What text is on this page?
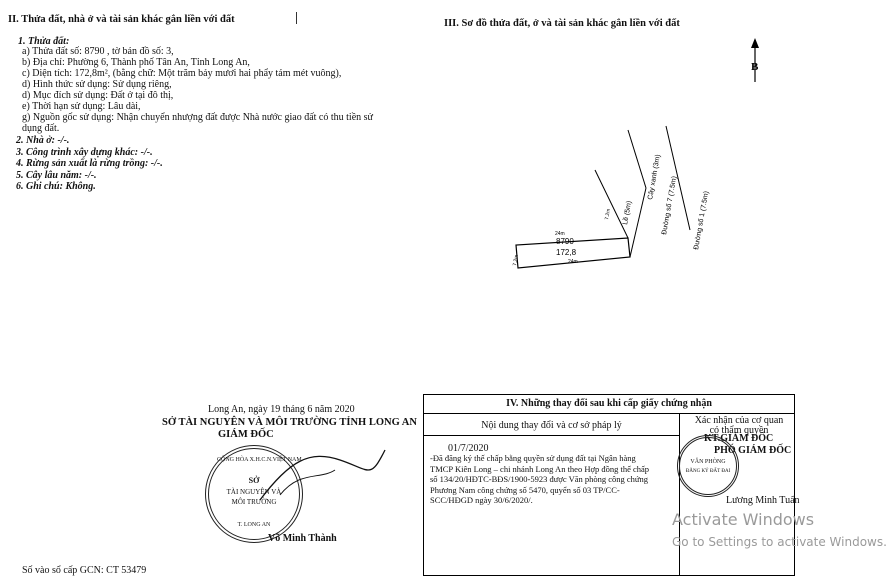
II. Thửa đất, nhà ở và tài sản khác gắn liền với đất
1. Thửa đất:
a) Thửa đất số: 8790 , tờ bản đồ số: 3,
b) Địa chỉ: Phường 6, Thành phố Tân An, Tỉnh Long An,
c) Diện tích: 172,8m², (bằng chữ: Một trăm bảy mươi hai phẩy tám mét vuông),
d) Hình thức sử dụng: Sử dụng riêng,
d) Mục đích sử dụng: Đất ở tại đô thị,
e) Thời hạn sử dụng: Lâu dài,
g) Nguồn gốc sử dụng: Nhận chuyển nhượng đất được Nhà nước giao đất có thu tiền sử
dụng đất.
2. Nhà ở: -/-.
3. Công trình xây dựng khác: -/-.
4. Rừng sản xuất là rừng trồng: -/-.
5. Cây lâu năm: -/-.
6. Ghi chú: Không.
III. Sơ đồ thửa đất, ở và tài sản khác gắn liền với đất
B
24m
24m
8790
172,8
7.2m
7.2m Lề (5m)
Cây xanh (3m) Đường số 7 (7.5m) Đường số 1 (7.5m)
Long An, ngày 19 tháng 6 năm 2020
SỞ TÀI NGUYÊN VÀ MÔI TRƯỜNG TỈNH LONG AN
GIÁM ĐỐC
CỘNG HÒA X.H.C.N.VIỆT NAM
SỞ
TÀI NGUYÊN VÀ
MÔI TRƯỜNG
T. LONG AN
Võ Minh Thành
Số vào sổ cấp GCN: CT 53479
IV. Những thay đổi sau khi cấp giấy chứng nhận
Nội dung thay đổi và cơ sở pháp lý	Xác nhận của cơ quan
có thẩm quyền
01/7/2020
-Đã đăng ký thế chấp bằng quyền sử dụng đất tại Ngân hàng
TMCP Kiên Long – chi nhánh Long An theo Hợp đồng thế chấp
số 134/20/HĐTC-BĐS/1900-5923 được Văn phòng công chứng
Phương Nam công chứng số 5470, quyển số 03 TP/CC-
SCC/HĐGD ngày 30/6/2020/.
KT.GIÁM ĐỐC
PHÓ GIÁM ĐỐC
Lương Minh Tuấn
VĂN PHÒNG
ĐĂNG KÝ ĐẤT ĐAI
Activate Windows
Go to Settings to activate Windows.
